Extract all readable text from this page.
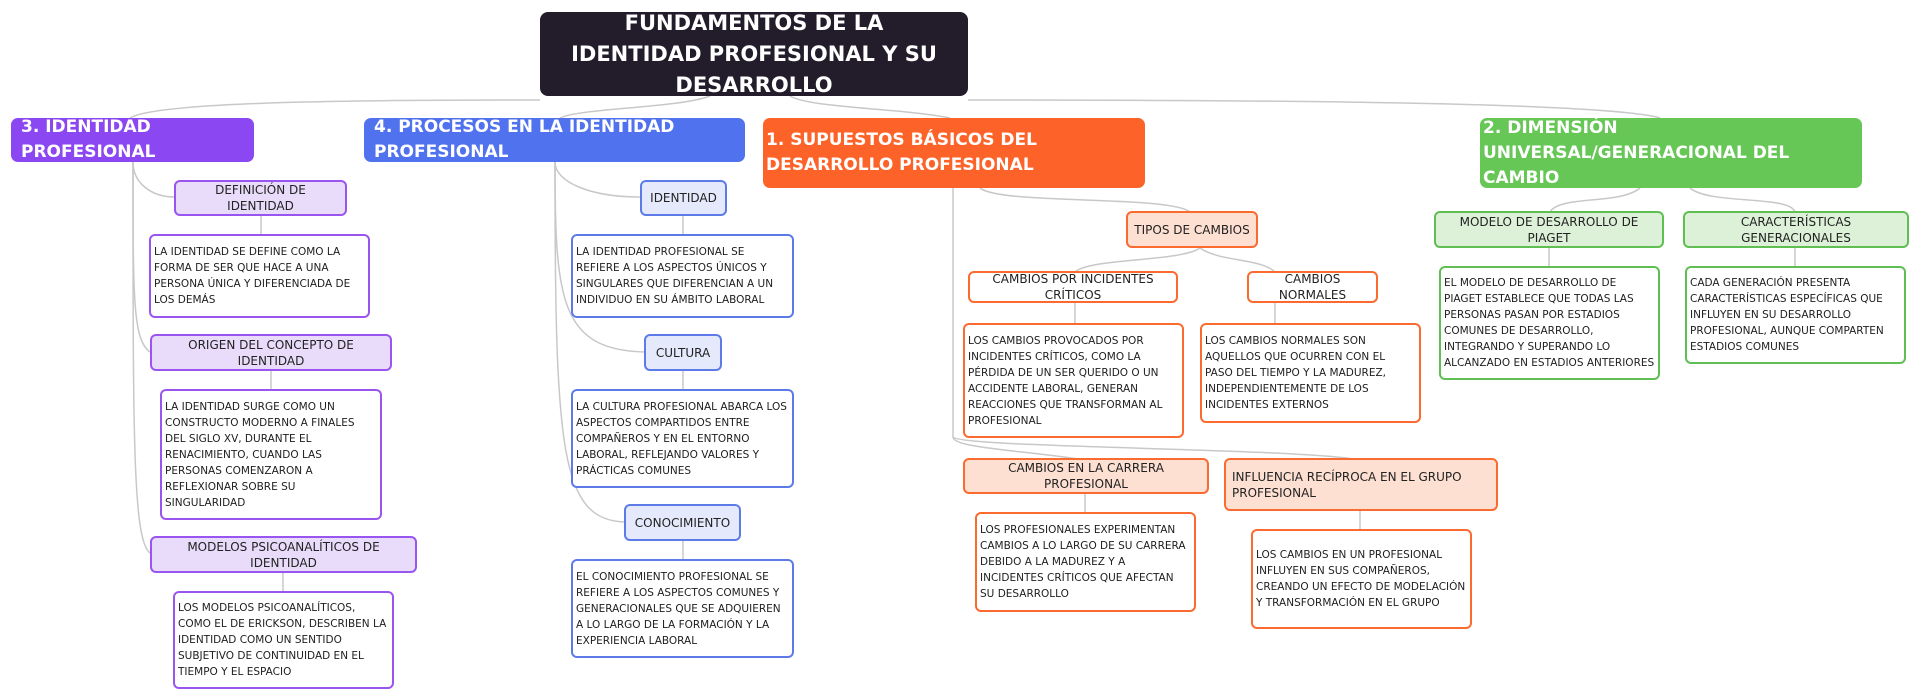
FUNDAMENTOS DE LA IDENTIDAD PROFESIONAL Y SU DESARROLLO
3. IDENTIDAD PROFESIONAL
DEFINICIÓN DE IDENTIDAD
LA IDENTIDAD SE DEFINE COMO LA FORMA DE SER QUE HACE A UNA PERSONA ÚNICA Y DIFERENCIADA DE LOS DEMÁS
ORIGEN DEL CONCEPTO DE IDENTIDAD
LA IDENTIDAD SURGE COMO UN CONSTRUCTO MODERNO A FINALES DEL SIGLO XV, DURANTE EL RENACIMIENTO, CUANDO LAS PERSONAS COMENZARON A REFLEXIONAR SOBRE SU SINGULARIDAD
MODELOS PSICOANALÍTICOS DE IDENTIDAD
LOS MODELOS PSICOANALÍTICOS, COMO EL DE ERICKSON, DESCRIBEN LA IDENTIDAD COMO UN SENTIDO SUBJETIVO DE CONTINUIDAD EN EL TIEMPO Y EL ESPACIO
4. PROCESOS EN LA IDENTIDAD PROFESIONAL
IDENTIDAD
LA IDENTIDAD PROFESIONAL SE REFIERE A LOS ASPECTOS ÚNICOS Y SINGULARES QUE DIFERENCIAN A UN INDIVIDUO EN SU ÁMBITO LABORAL
CULTURA
LA CULTURA PROFESIONAL ABARCA LOS ASPECTOS COMPARTIDOS ENTRE COMPAÑEROS Y EN EL ENTORNO LABORAL, REFLEJANDO VALORES Y PRÁCTICAS COMUNES
CONOCIMIENTO
EL CONOCIMIENTO PROFESIONAL SE REFIERE A LOS ASPECTOS COMUNES Y GENERACIONALES QUE SE ADQUIEREN A LO LARGO DE LA FORMACIÓN Y LA EXPERIENCIA LABORAL
1. SUPUESTOS BÁSICOS DEL DESARROLLO PROFESIONAL
TIPOS DE CAMBIOS
CAMBIOS POR INCIDENTES CRÍTICOS
LOS CAMBIOS PROVOCADOS POR INCIDENTES CRÍTICOS, COMO LA PÉRDIDA DE UN SER QUERIDO O UN ACCIDENTE LABORAL, GENERAN REACCIONES QUE TRANSFORMAN AL PROFESIONAL
CAMBIOS NORMALES
LOS CAMBIOS NORMALES SON AQUELLOS QUE OCURREN CON EL PASO DEL TIEMPO Y LA MADUREZ, INDEPENDIENTEMENTE DE LOS INCIDENTES EXTERNOS
CAMBIOS EN LA CARRERA PROFESIONAL
LOS PROFESIONALES EXPERIMENTAN CAMBIOS A LO LARGO DE SU CARRERA DEBIDO A LA MADUREZ Y A INCIDENTES CRÍTICOS QUE AFECTAN SU DESARROLLO
INFLUENCIA RECÍPROCA EN EL GRUPO PROFESIONAL
LOS CAMBIOS EN UN PROFESIONAL INFLUYEN EN SUS COMPAÑEROS, CREANDO UN EFECTO DE MODELACIÓN Y TRANSFORMACIÓN EN EL GRUPO
2. DIMENSIÓN UNIVERSAL/GENERACIONAL DEL CAMBIO
MODELO DE DESARROLLO DE PIAGET
EL MODELO DE DESARROLLO DE PIAGET ESTABLECE QUE TODAS LAS PERSONAS PASAN POR ESTADIOS COMUNES DE DESARROLLO, INTEGRANDO Y SUPERANDO LO ALCANZADO EN ESTADIOS ANTERIORES
CARACTERÍSTICAS GENERACIONALES
CADA GENERACIÓN PRESENTA CARACTERÍSTICAS ESPECÍFICAS QUE INFLUYEN EN SU DESARROLLO PROFESIONAL, AUNQUE COMPARTEN ESTADIOS COMUNES
